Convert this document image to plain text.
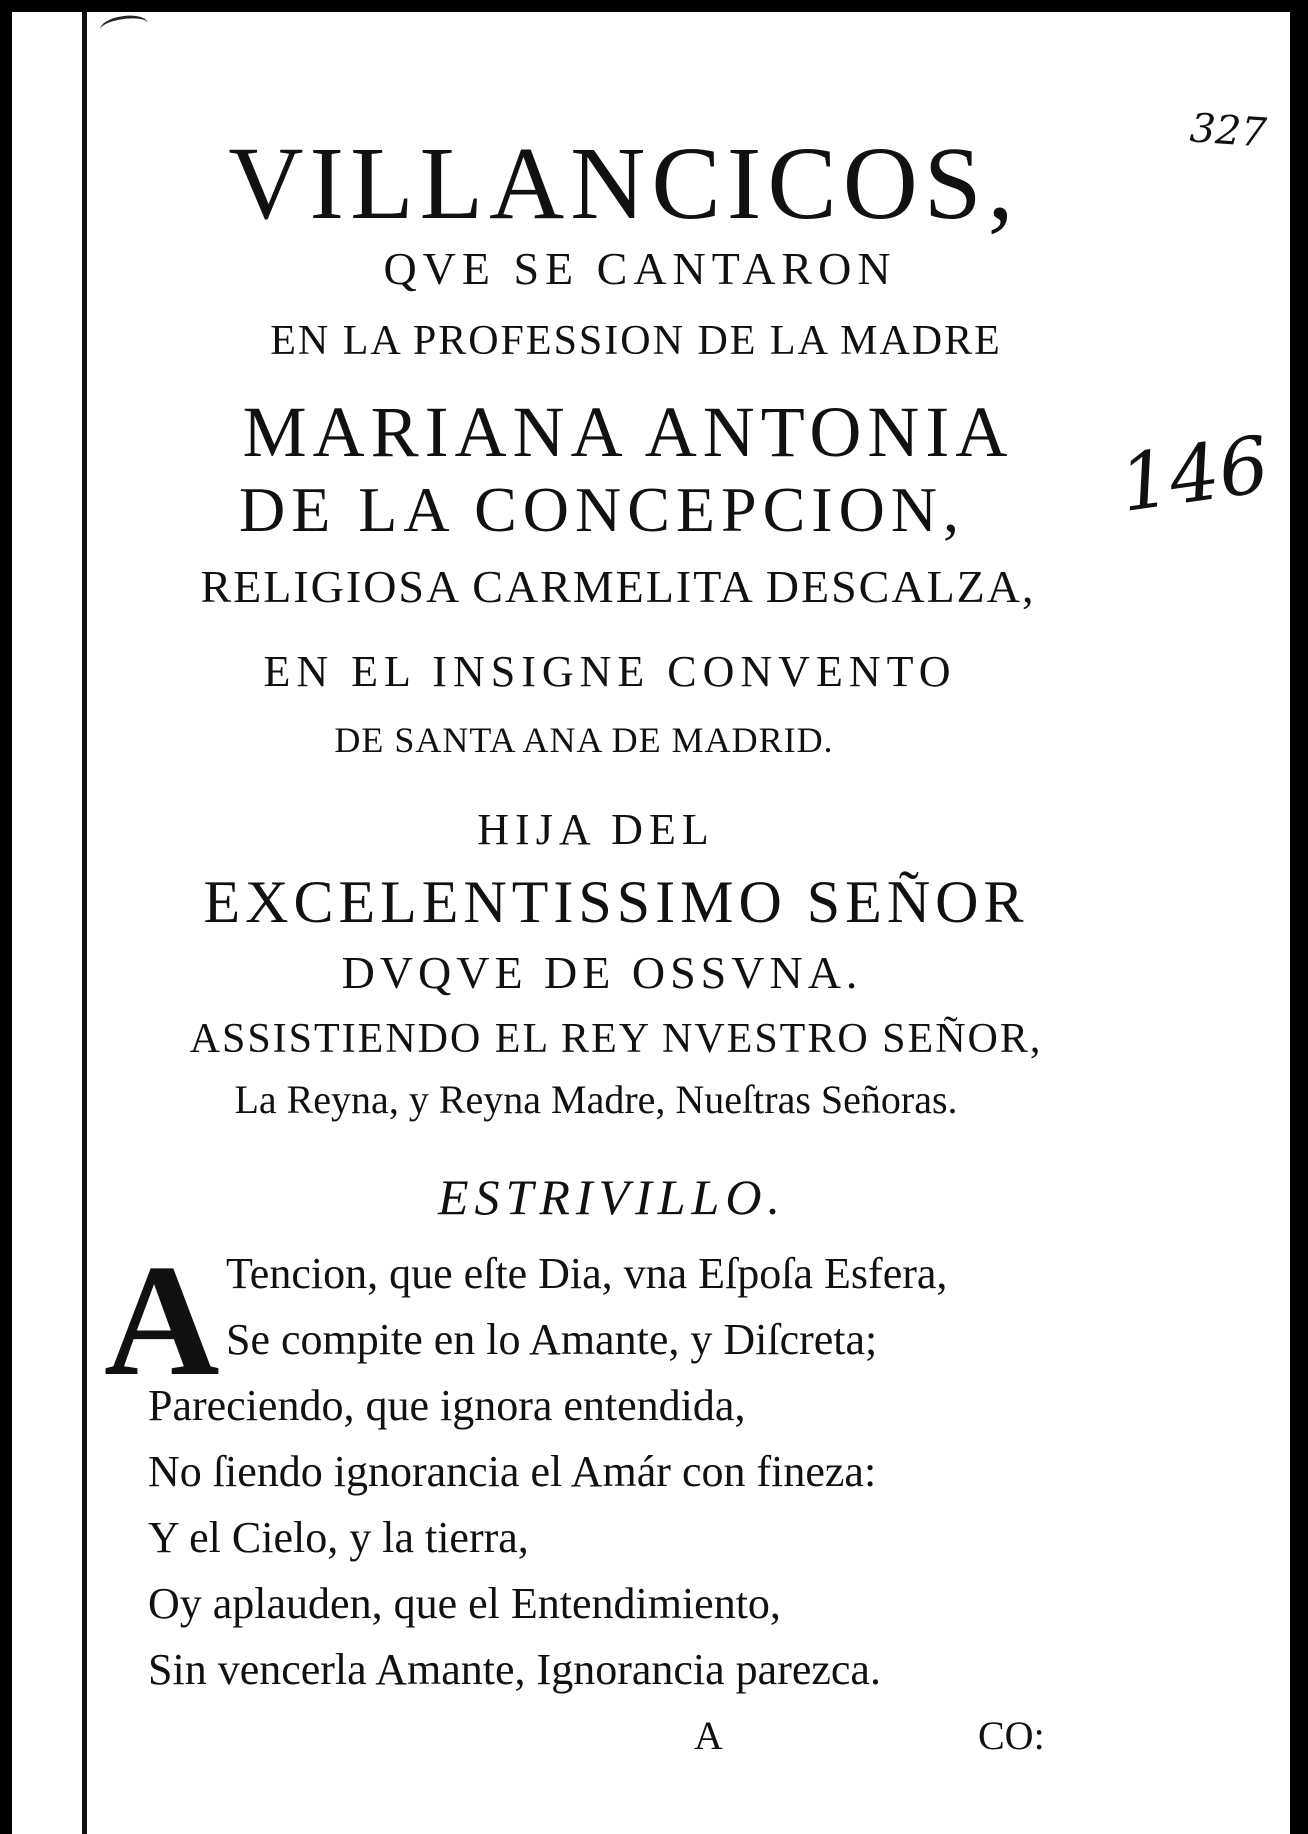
327
146
VILLANCICOS,
QVE SE CANTARON
EN LA PROFESSION DE LA MADRE
MARIANA ANTONIA
DE LA CONCEPCION,
RELIGIOSA CARMELITA DESCALZA,
EN EL INSIGNE CONVENTO
DE SANTA ANA DE MADRID.
HIJA DEL
EXCELENTISSIMO SEÑOR
DVQVE DE OSSVNA.
ASSISTIENDO EL REY NVESTRO SEÑOR,
La Reyna, y Reyna Madre, Nueſtras Señoras.
ESTRIVILLO.
A Tencion, que eſte Dia, vna Eſpoſa Esfera,
Se compite en lo Amante, y Diſcreta;
Pareciendo, que ignora entendida,
No ſiendo ignorancia el Amár con fineza:
Y el Cielo, y la tierra,
Oy aplauden, que el Entendimiento,
Sin vencerla Amante, Ignorancia parezca.
A	CO:
